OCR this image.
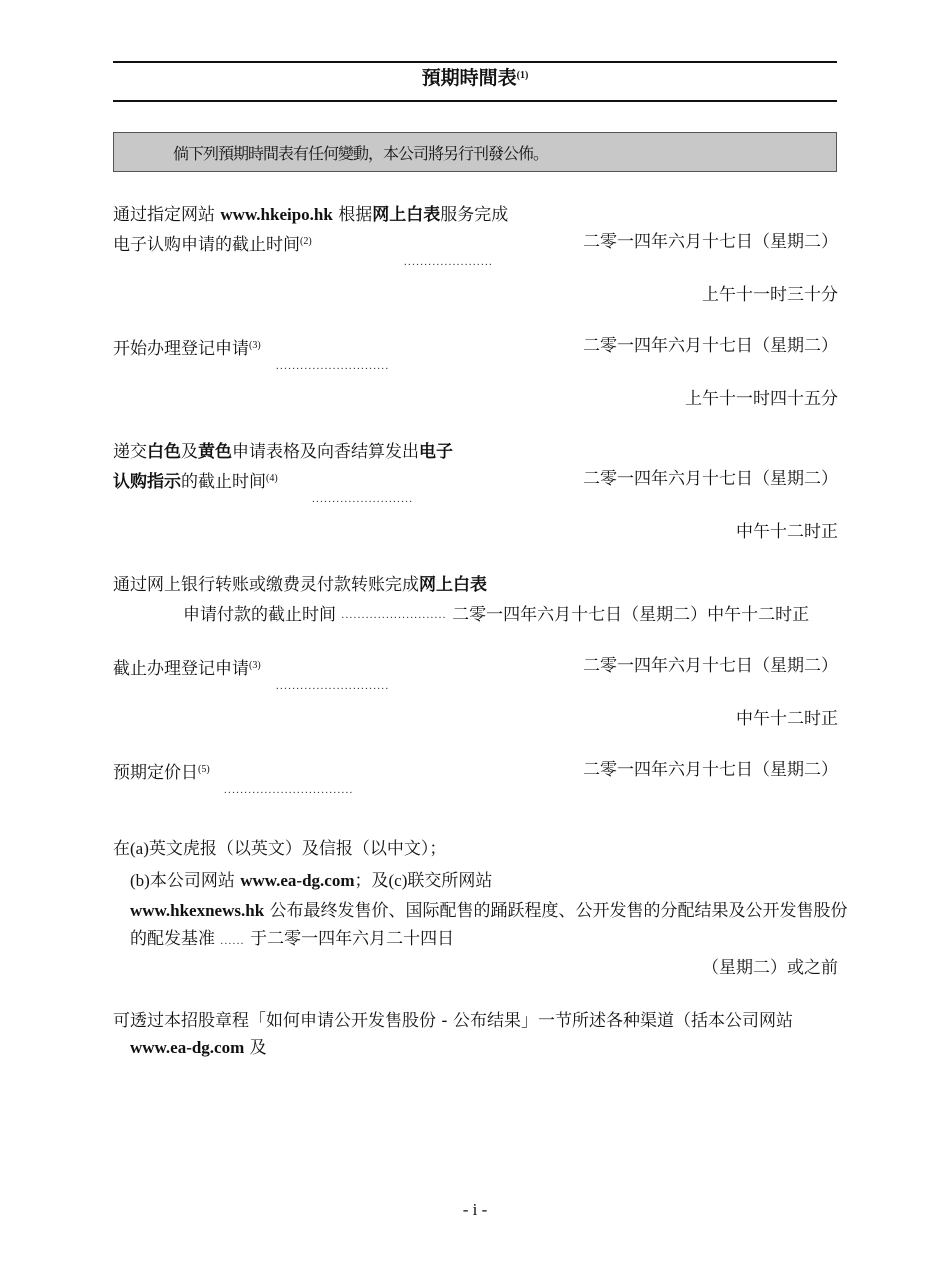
預期時間表$^{(1)}$
倘下列預期時間表有任何變動，本公司將另行刊發公佈。
通过指定网站 www.hkeipo.hk 根据网上白表服务完成
电子认购申请的截止时间$^{(2)}$
......................
二零一四年六月十七日（星期二）
上午十一时三十分
开始办理登记申请$^{(3)}$
............................
二零一四年六月十七日（星期二）
上午十一时四十五分
递交白色及黄色申请表格及向香结算发出电子
认购指示的截止时间$^{(4)}$
.........................
二零一四年六月十七日（星期二）
中午十二时正
通过网上银行转账或缴费灵付款转账完成网上白表
申请付款的截止时间 .......................... 二零一四年六月十七日（星期二）中午十二时正
截止办理登记申请$^{(3)}$
............................
二零一四年六月十七日（星期二）
中午十二时正
预期定价日$^{(5)}$
................................
二零一四年六月十七日（星期二）
在(a)英文虎报（以英文）及信报（以中文）；
(b)本公司网站 www.ea-dg.com；及(c)联交所网站
www.hkexnews.hk 公布最终发售价、国际配售的踊跃程度、公开发售的分配结果及公开发售股份
的配发基准 ...... 于二零一四年六月二十四日
（星期二）或之前
可透过本招股章程「如何申请公开发售股份 - 公布结果」一节所述各种渠道（括本公司网站
www.ea-dg.com 及
- i -
